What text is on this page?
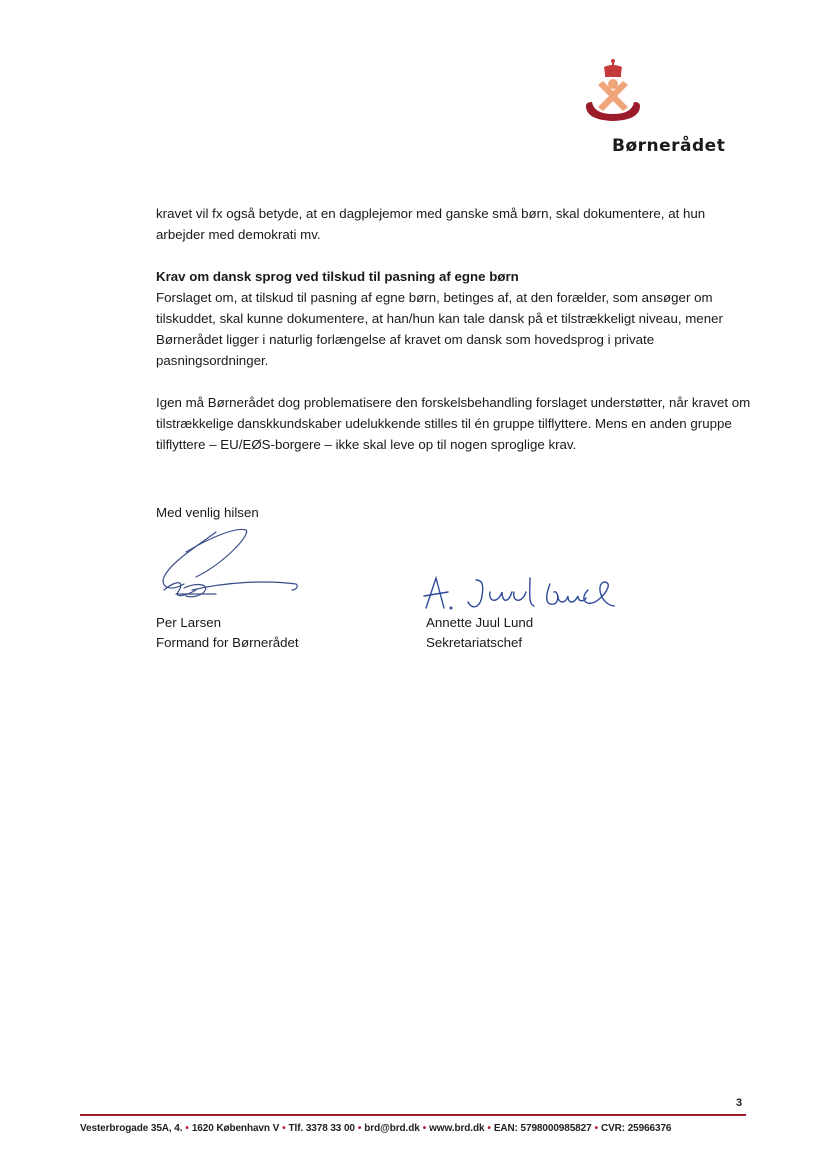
Børnerådet

kravet vil fx også betyde, at en dagplejemor med ganske små børn, skal dokumentere, at hun arbejder med demokrati mv.

Krav om dansk sprog ved tilskud til pasning af egne børn
Forslaget om, at tilskud til pasning af egne børn, betinges af, at den forælder, som ansøger om tilskuddet, skal kunne dokumentere, at han/hun kan tale dansk på et tilstrækkeligt niveau, mener Børnerådet ligger i naturlig forlængelse af kravet om dansk som hovedsprog i private pasningsordninger.

Igen må Børnerådet dog problematisere den forskelsbehandling forslaget understøtter, når kravet om tilstrækkelige danskkundskaber udelukkende stilles til én gruppe tilflyttere. Mens en anden gruppe tilflyttere – EU/EØS-borgere – ikke skal leve op til nogen sproglige krav.

Med venlig hilsen
Per Larsen
Formand for Børnerådet
Annette Juul Lund
Sekretariatschef
3
Vesterbrogade 35A, 4. • 1620 København V • Tlf. 3378 33 00 • brd@brd.dk • www.brd.dk • EAN: 5798000985827 • CVR: 25966376
